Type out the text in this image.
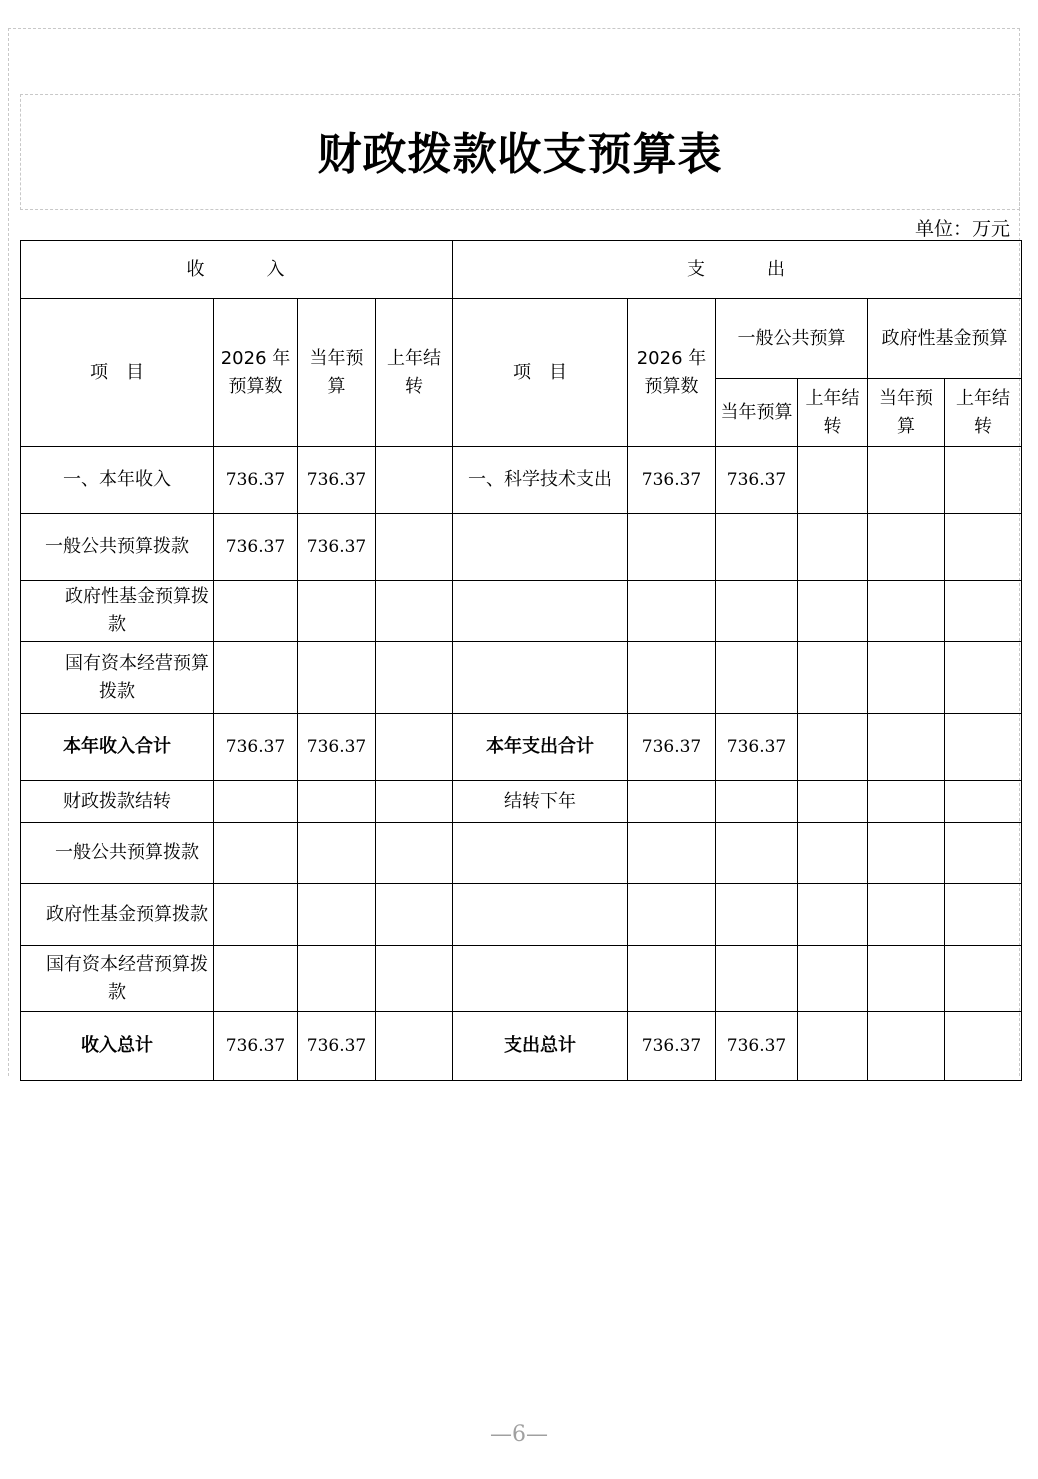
财政拨款收支预算表
单位：万元
收　　　入				支　　　出					
项　目	2026 年预算数	当年预算	上年结转	项　目	2026 年预算数	一般公共预算		政府性基金预算	
						当年预算	上年结转	当年预算	上年结转
一、本年收入	736.37	736.37		一、科学技术支出	736.37	736.37			
一般公共预算拨款	736.37	736.37							
政府性基金预算拨款									
国有资本经营预算拨款									
本年收入合计	736.37	736.37		本年支出合计	736.37	736.37			
财政拨款结转				结转下年					
一般公共预算拨款									
政府性基金预算拨款									
国有资本经营预算拨款									
收入总计	736.37	736.37		支出总计	736.37	736.37			
—6—
